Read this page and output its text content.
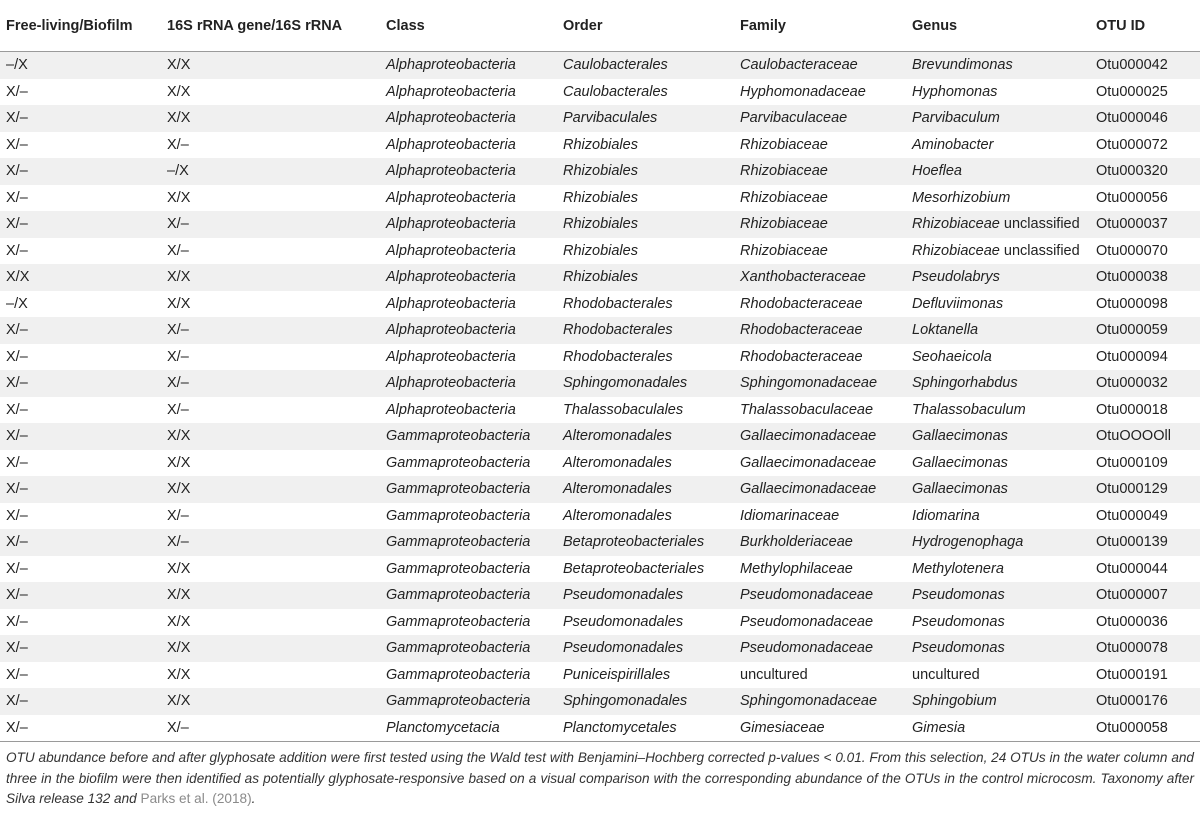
Free-living/Biofilm	16S rRNA gene/16S rRNA	Class	Order	Family	Genus	OTU ID
–/X	X/X	Alphaproteobacteria	Caulobacterales	Caulobacteraceae	Brevundimonas	Otu000042
X/–	X/X	Alphaproteobacteria	Caulobacterales	Hyphomonadaceae	Hyphomonas	Otu000025
X/–	X/X	Alphaproteobacteria	Parvibaculales	Parvibaculaceae	Parvibaculum	Otu000046
X/–	X/–	Alphaproteobacteria	Rhizobiales	Rhizobiaceae	Aminobacter	Otu000072
X/–	–/X	Alphaproteobacteria	Rhizobiales	Rhizobiaceae	Hoeflea	Otu000320
X/–	X/X	Alphaproteobacteria	Rhizobiales	Rhizobiaceae	Mesorhizobium	Otu000056
X/–	X/–	Alphaproteobacteria	Rhizobiales	Rhizobiaceae	Rhizobiaceae unclassified	Otu000037
X/–	X/–	Alphaproteobacteria	Rhizobiales	Rhizobiaceae	Rhizobiaceae unclassified	Otu000070
X/X	X/X	Alphaproteobacteria	Rhizobiales	Xanthobacteraceae	Pseudolabrys	Otu000038
–/X	X/X	Alphaproteobacteria	Rhodobacterales	Rhodobacteraceae	Defluviimonas	Otu000098
X/–	X/–	Alphaproteobacteria	Rhodobacterales	Rhodobacteraceae	Loktanella	Otu000059
X/–	X/–	Alphaproteobacteria	Rhodobacterales	Rhodobacteraceae	Seohaeicola	Otu000094
X/–	X/–	Alphaproteobacteria	Sphingomonadales	Sphingomonadaceae	Sphingorhabdus	Otu000032
X/–	X/–	Alphaproteobacteria	Thalassobaculales	Thalassobaculaceae	Thalassobaculum	Otu000018
X/–	X/X	Gammaproteobacteria	Alteromonadales	Gallaecimonadaceae	Gallaecimonas	OtuOOOOll
X/–	X/X	Gammaproteobacteria	Alteromonadales	Gallaecimonadaceae	Gallaecimonas	Otu000109
X/–	X/X	Gammaproteobacteria	Alteromonadales	Gallaecimonadaceae	Gallaecimonas	Otu000129
X/–	X/–	Gammaproteobacteria	Alteromonadales	Idiomarinaceae	Idiomarina	Otu000049
X/–	X/–	Gammaproteobacteria	Betaproteobacteriales	Burkholderiaceae	Hydrogenophaga	Otu000139
X/–	X/X	Gammaproteobacteria	Betaproteobacteriales	Methylophilaceae	Methylotenera	Otu000044
X/–	X/X	Gammaproteobacteria	Pseudomonadales	Pseudomonadaceae	Pseudomonas	Otu000007
X/–	X/X	Gammaproteobacteria	Pseudomonadales	Pseudomonadaceae	Pseudomonas	Otu000036
X/–	X/X	Gammaproteobacteria	Pseudomonadales	Pseudomonadaceae	Pseudomonas	Otu000078
X/–	X/X	Gammaproteobacteria	Puniceispirillales	uncultured	uncultured	Otu000191
X/–	X/X	Gammaproteobacteria	Sphingomonadales	Sphingomonadaceae	Sphingobium	Otu000176
X/–	X/–	Planctomycetacia	Planctomycetales	Gimesiaceae	Gimesia	Otu000058
OTU abundance before and after glyphosate addition were first tested using the Wald test with Benjamini–Hochberg corrected p-values < 0.01. From this selection, 24 OTUs in the water column and three in the biofilm were then identified as potentially glyphosate-responsive based on a visual comparison with the corresponding abundance of the OTUs in the control microcosm. Taxonomy after Silva release 132 and Parks et al. (2018).
